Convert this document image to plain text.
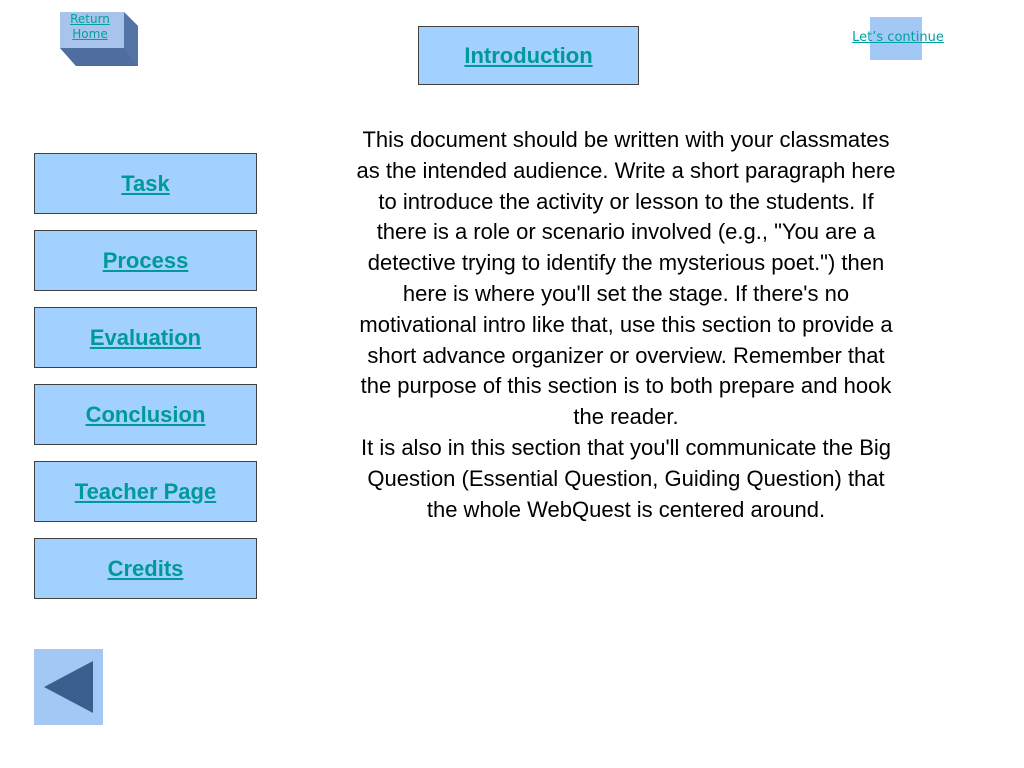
Return
Home
Introduction
Let’s continue
Task
Process
Evaluation
Conclusion
Teacher Page
Credits

This document should be written with your classmates as the intended audience. Write a short paragraph here to introduce the activity or lesson to the students. If there is a role or scenario involved (e.g., "You are a detective trying to identify the mysterious poet.") then here is where you'll set the stage. If there's no motivational intro like that, use this section to provide a short advance organizer or overview. Remember that the purpose of this section is to both prepare and hook the reader.

It is also in this section that you'll communicate the Big Question (Essential Question, Guiding Question) that the whole WebQuest is centered around.
